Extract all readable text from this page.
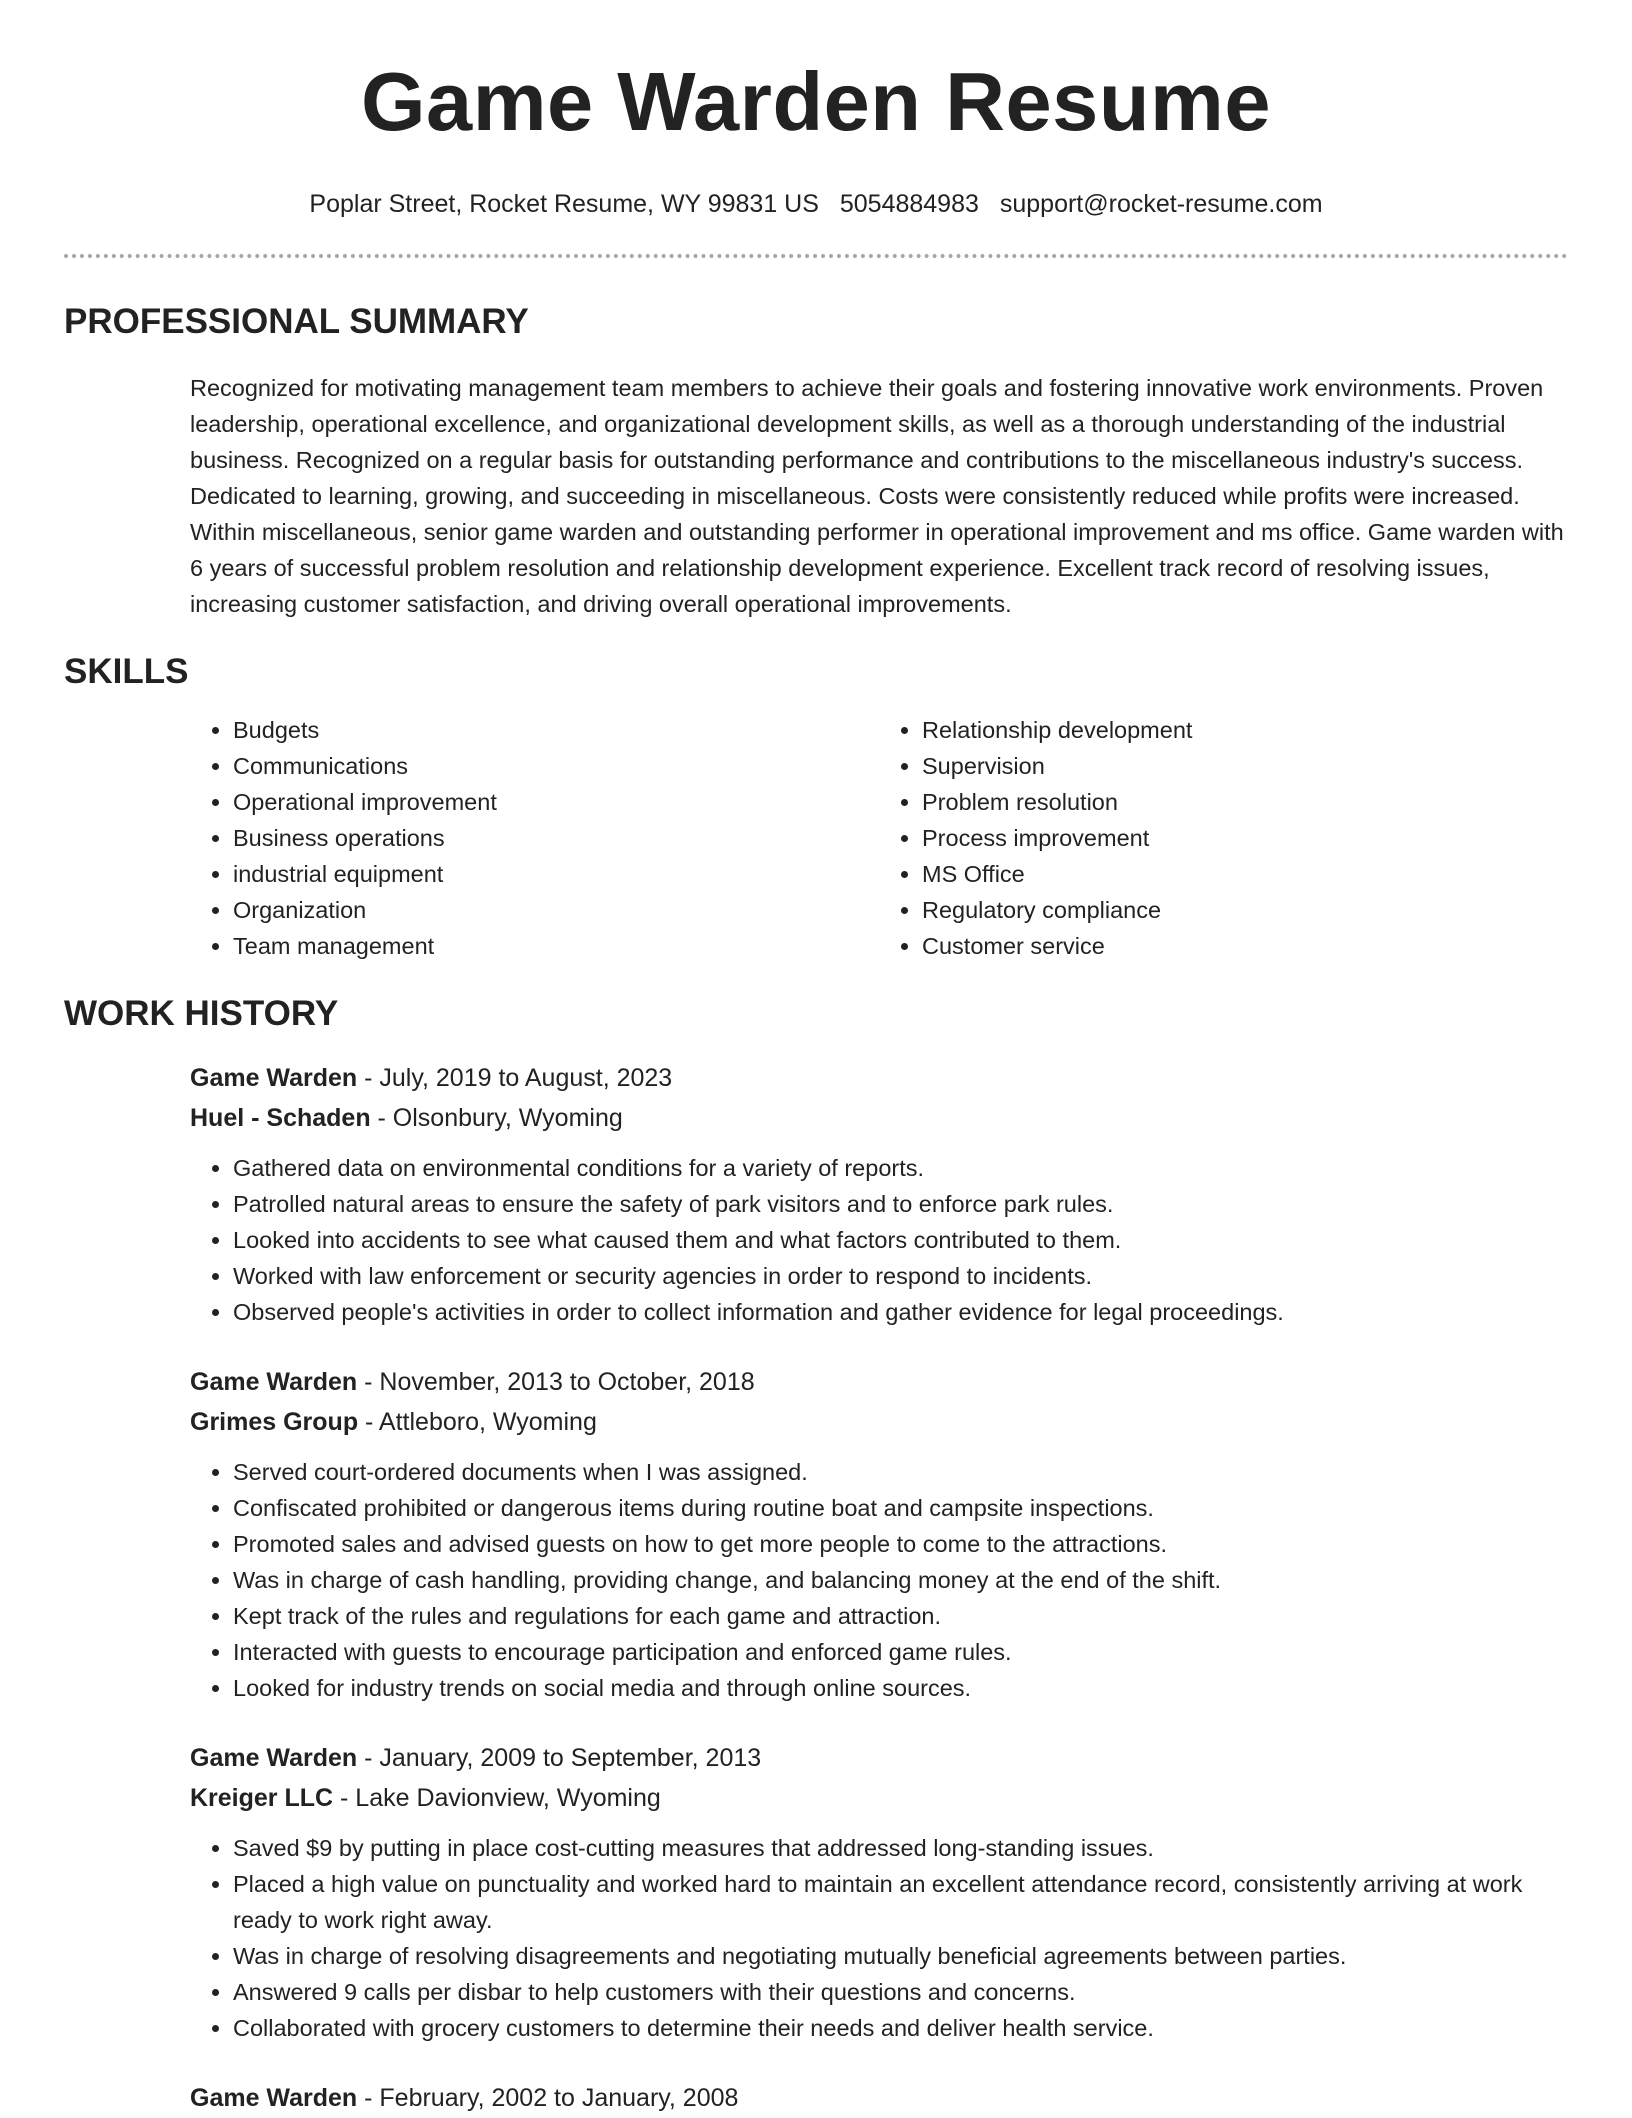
Game Warden Resume
Poplar Street, Rocket Resume, WY 99831 US 5054884983 support@rocket-resume.com
PROFESSIONAL SUMMARY
Recognized for motivating management team members to achieve their goals and fostering innovative work environments. Proven leadership, operational excellence, and organizational development skills, as well as a thorough understanding of the industrial business. Recognized on a regular basis for outstanding performance and contributions to the miscellaneous industry's success. Dedicated to learning, growing, and succeeding in miscellaneous. Costs were consistently reduced while profits were increased. Within miscellaneous, senior game warden and outstanding performer in operational improvement and ms office. Game warden with 6 years of successful problem resolution and relationship development experience. Excellent track record of resolving issues, increasing customer satisfaction, and driving overall operational improvements.
SKILLS
• Budgets
• Communications
• Operational improvement
• Business operations
• industrial equipment
• Organization
• Team management
• Relationship development
• Supervision
• Problem resolution
• Process improvement
• MS Office
• Regulatory compliance
• Customer service
WORK HISTORY
Game Warden - July, 2019 to August, 2023
Huel - Schaden - Olsonbury, Wyoming
• Gathered data on environmental conditions for a variety of reports.
• Patrolled natural areas to ensure the safety of park visitors and to enforce park rules.
• Looked into accidents to see what caused them and what factors contributed to them.
• Worked with law enforcement or security agencies in order to respond to incidents.
• Observed people's activities in order to collect information and gather evidence for legal proceedings.
Game Warden - November, 2013 to October, 2018
Grimes Group - Attleboro, Wyoming
• Served court-ordered documents when I was assigned.
• Confiscated prohibited or dangerous items during routine boat and campsite inspections.
• Promoted sales and advised guests on how to get more people to come to the attractions.
• Was in charge of cash handling, providing change, and balancing money at the end of the shift.
• Kept track of the rules and regulations for each game and attraction.
• Interacted with guests to encourage participation and enforced game rules.
• Looked for industry trends on social media and through online sources.
Game Warden - January, 2009 to September, 2013
Kreiger LLC - Lake Davionview, Wyoming
• Saved $9 by putting in place cost-cutting measures that addressed long-standing issues.
• Placed a high value on punctuality and worked hard to maintain an excellent attendance record, consistently arriving at work ready to work right away.
• Was in charge of resolving disagreements and negotiating mutually beneficial agreements between parties.
• Answered 9 calls per disbar to help customers with their questions and concerns.
• Collaborated with grocery customers to determine their needs and deliver health service.
Game Warden - February, 2002 to January, 2008
